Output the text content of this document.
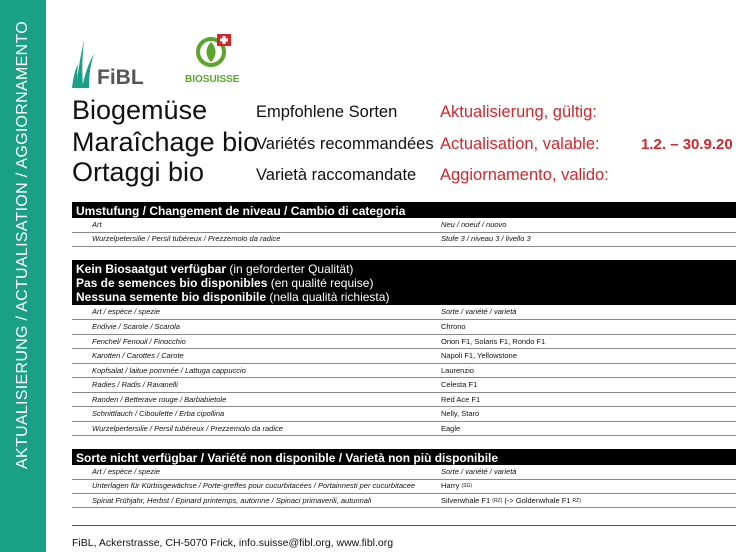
AKTUALISIERUNG / ACTUALISATION / AGGIORNAMENTO	FiBL	BIOSUISSE
Biogemüse	Empfohlene Sorten	Aktualisierung, gültig:
Maraîchage bio
Variétés recommandées Actualisation, valable:	1.2. – 30.9.20
Ortaggi bio	Varietà raccomandate Aggiornamento, valido:
Umstufung / Changement de niveau / Cambio di categoria
Art	Neu / noeuf / nuovo
Wurzelpetersilie / Persil tubéreux / Prezzemolo da radice	Stufe 3 / niveau 3 / livello 3
Kein Biosaatgut verfügbar (in geforderter Qualität)
Pas de semences bio disponibles (en qualité requise)
Nessuna semente bio disponibile (nella qualità richiesta)
Art / espèce / spezie	Sorte / variété / varietà
Endivie / Scarole / Scarola	Chrono
Fenchel/ Fenouil / Finocchio	Orion F1, Solaris F1, Rondo F1
Karotten / Carottes / Carote	Napoli F1, Yellowstone
Kopfsalat / laitue pommée / Lattuga cappuccio	Laurenzio
Radies / Radis / Ravanelli	Celesta F1
Randen / Betterave rouge / Barbabietole	Red Ace F1
Schnittlauch / Ciboulette / Erba cipollina	Nelly, Staro
Wurzelpertersilie / Persil tubéreux / Prezzemolo da radice	Eagle
Sorte nicht verfügbar / Variété non disponible / Varietà non più disponibile
Art / espèce / spezie	Sorte / variété / varietà
Unterlagen für Kürbisgewächse / Porte-greffes pour cucurbitacées / Portainnesti per cucurbitacee	Harry (SG)
Spinat Frühjahr, Herbst / Epinard printemps, automne / Spinaci primaverili, autunnali	Silverwhale F1 (RZ) (-> Goldenwhale F1 RZ)
FiBL, Ackerstrasse, CH-5070 Frick, info.suisse@fibl.org, www.fibl.org
